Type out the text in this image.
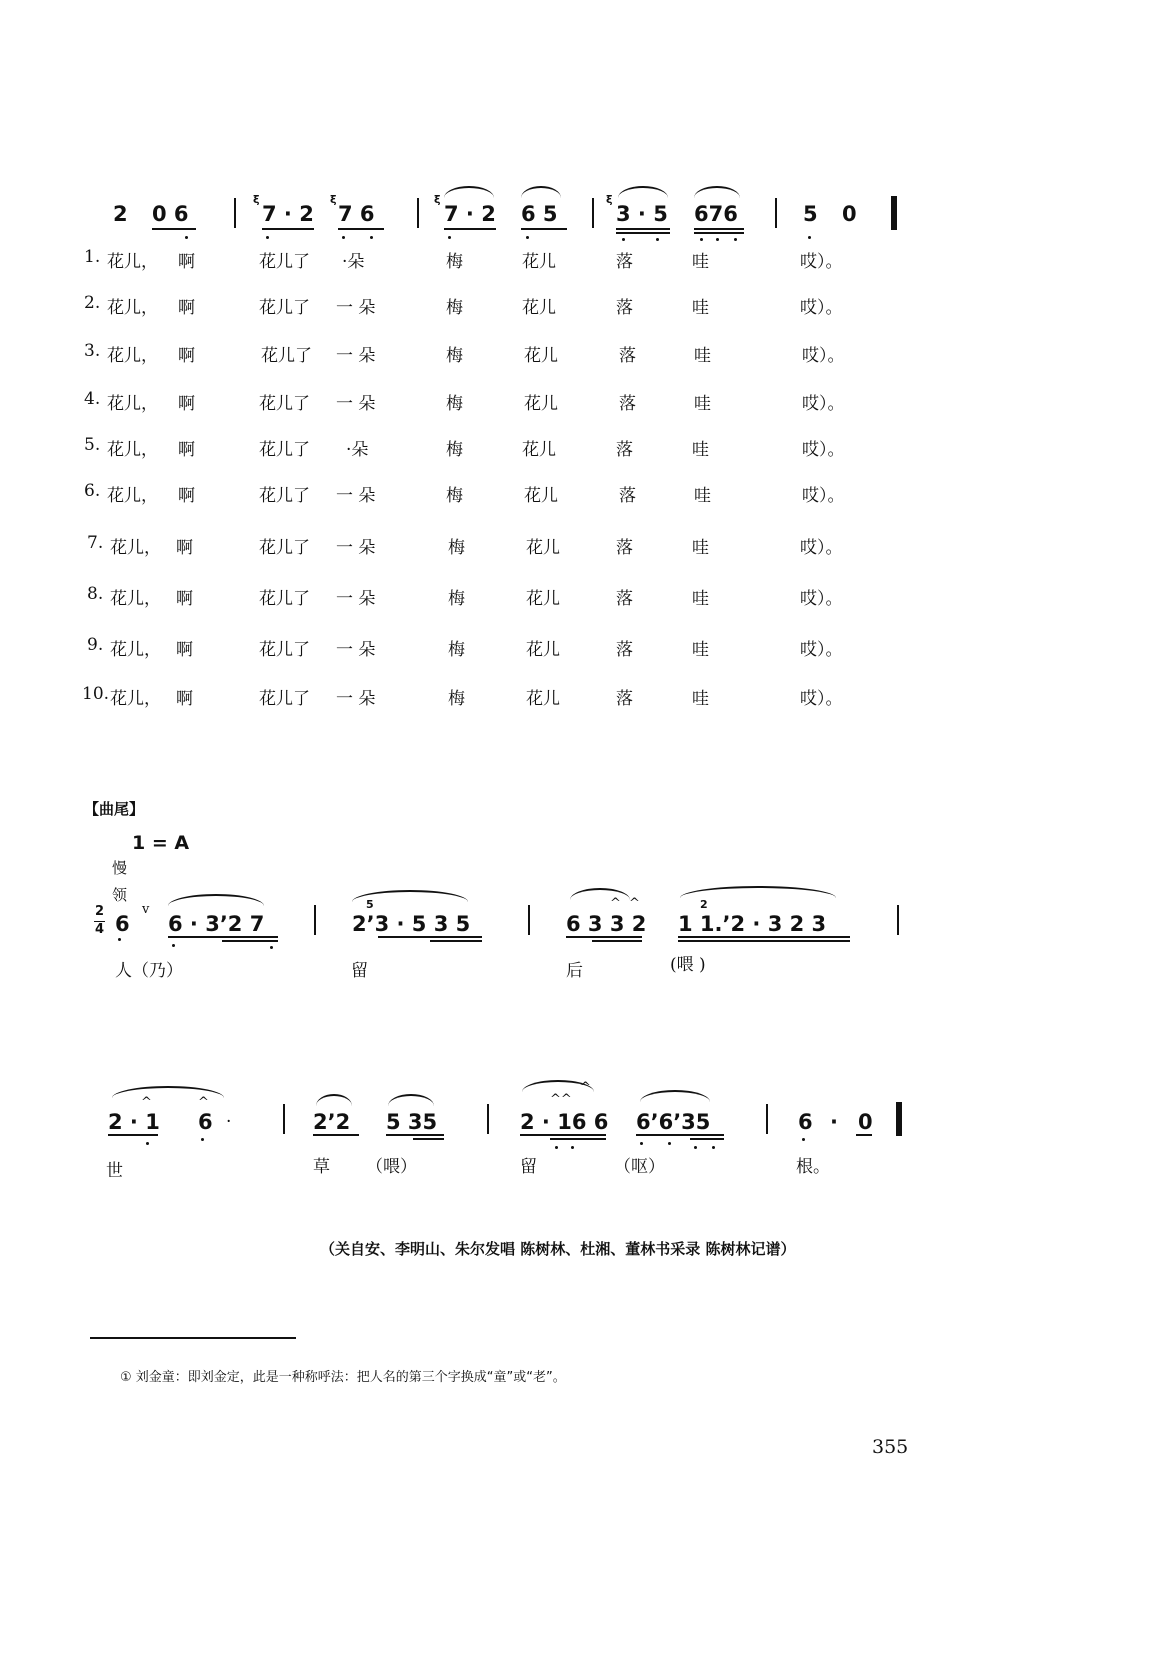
2 0 6
ξ
7 · 2
ξ
7 6
ξ
7 · 2 6 5
ξ
3 · 5 676	5 0
1. 花儿， 啊	花儿了 ·朵	梅	花儿	落	哇	哎）。
2. 花儿， 啊	花儿了 一 朵	梅	花儿	落	哇	哎）。
3. 花儿， 啊	花儿了 一 朵	梅	花儿	落	哇	哎）。
4. 花儿， 啊	花儿了 一 朵	梅	花儿	落	哇	哎）。
5. 花儿， 啊	花儿了 ·朵	梅	花儿	落	哇	哎）。
6. 花儿， 啊	花儿了 一 朵	梅	花儿	落	哇	哎）。
7. 花儿， 啊	花儿了 一 朵	梅	花儿	落	哇	哎）。
8. 花儿， 啊	花儿了 一 朵	梅	花儿	落	哇	哎）。
9. 花儿， 啊	花儿了 一 朵	梅	花儿	落	哇	哎）。
10. 花儿， 啊	花儿了 一 朵	梅	花儿	落	哇	哎）。
【曲尾】
1 = A
慢
领
2
4 6
v
6 · 3’2 7
5
2’3 · 5 3 5	6 3 3 2
^ ^	2
1 1.’2 · 3 2 3
人（乃）	留	后	(喂 )
2 · 1
^
6
^
·	2’2 5 35	2 · 16 6
^^
^
6’6’35	6 · 0
世	草 （喂）	留	（呕）	根。
（关自安、李明山、朱尔发唱 陈树林、杜湘、董林书采录 陈树林记谱）
① 刘金童：即刘金定，此是一种称呼法：把人名的第三个字换成“童”或“老”。
355
